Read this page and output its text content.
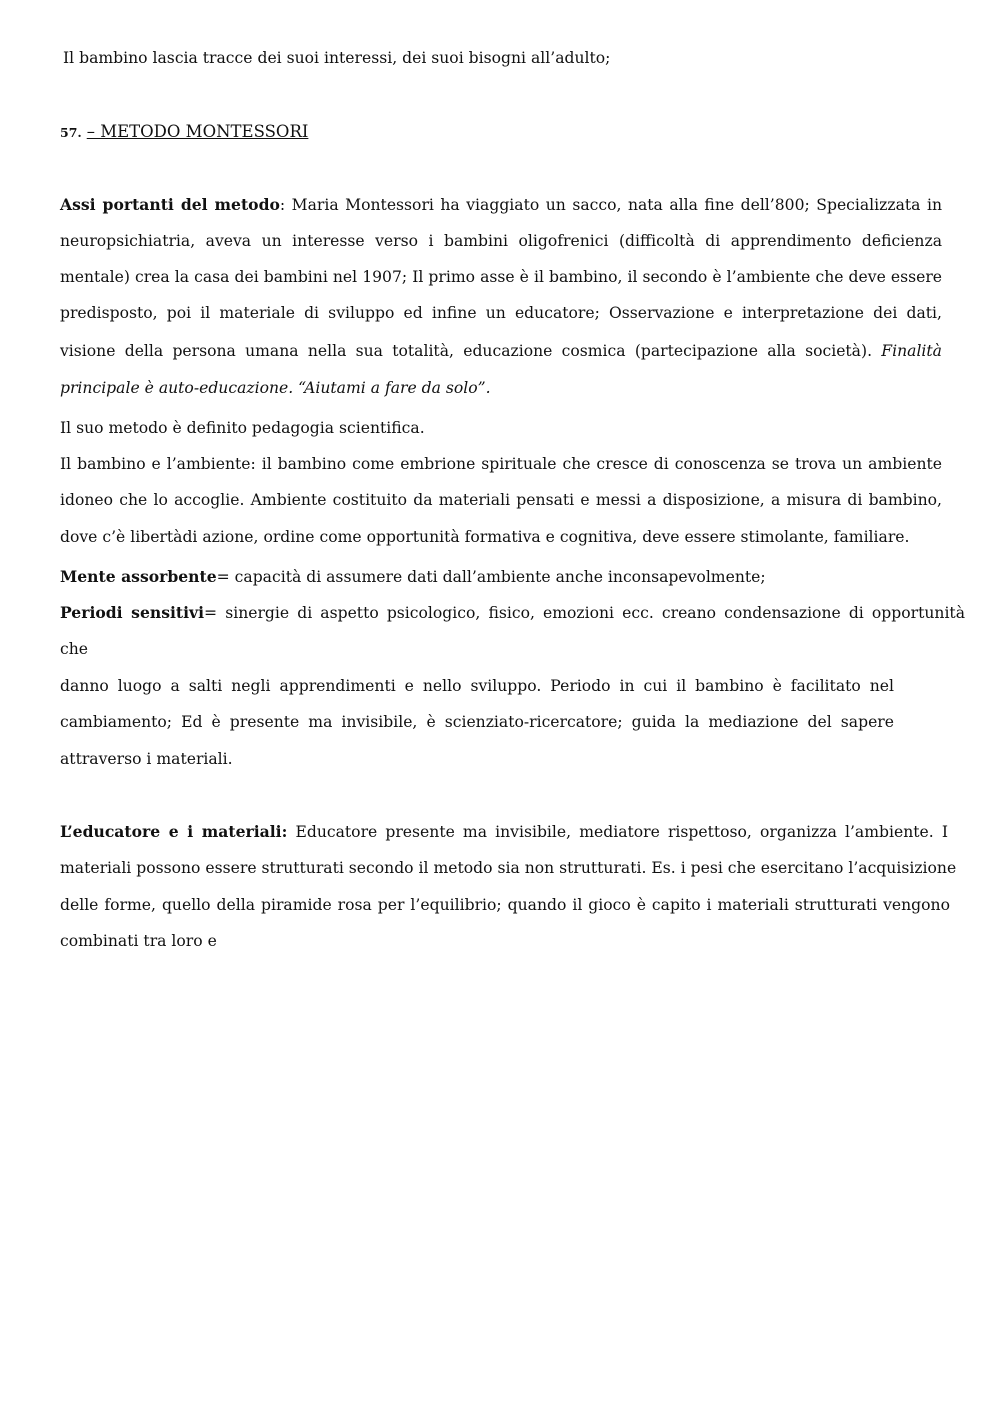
Il bambino lascia tracce dei suoi interessi, dei suoi bisogni all’adulto;

57. – METODO MONTESSORI

Assi portanti del metodo: Maria Montessori ha viaggiato un sacco, nata alla fine dell’800; Specializzata in

neuropsichiatria, aveva un interesse verso i bambini oligofrenici (difficoltà di apprendimento deficienza

mentale) crea la casa dei bambini nel 1907; Il primo asse è il bambino, il secondo è l’ambiente che deve essere

predisposto, poi il materiale di sviluppo ed infine un educatore; Osservazione e interpretazione dei dati,

visione della persona umana nella sua totalità, educazione cosmica (partecipazione alla società). Finalità

principale è auto-educazione. “Aiutami a fare da solo”.

Il suo metodo è definito pedagogia scientifica.

Il bambino e l’ambiente: il bambino come embrione spirituale che cresce di conoscenza se trova un ambiente

idoneo che lo accoglie. Ambiente costituito da materiali pensati e messi a disposizione, a misura di bambino,

dove c’è libertàdi azione, ordine come opportunità formativa e cognitiva, deve essere stimolante, familiare.

Mente assorbente= capacità di assumere dati dall’ambiente anche inconsapevolmente;

Periodi sensitivi= sinergie di aspetto psicologico, fisico, emozioni ecc. creano condensazione di opportunità

che

danno luogo a salti negli apprendimenti e nello sviluppo. Periodo in cui il bambino è facilitato nel

cambiamento; Ed è presente ma invisibile, è scienziato-ricercatore; guida la mediazione del sapere

attraverso i materiali.

L’educatore e i materiali: Educatore presente ma invisibile, mediatore rispettoso, organizza l’ambiente. I

materiali possono essere strutturati secondo il metodo sia non strutturati. Es. i pesi che esercitano l’acquisizione

delle forme, quello della piramide rosa per l’equilibrio; quando il gioco è capito i materiali strutturati vengono

combinati tra loro e
